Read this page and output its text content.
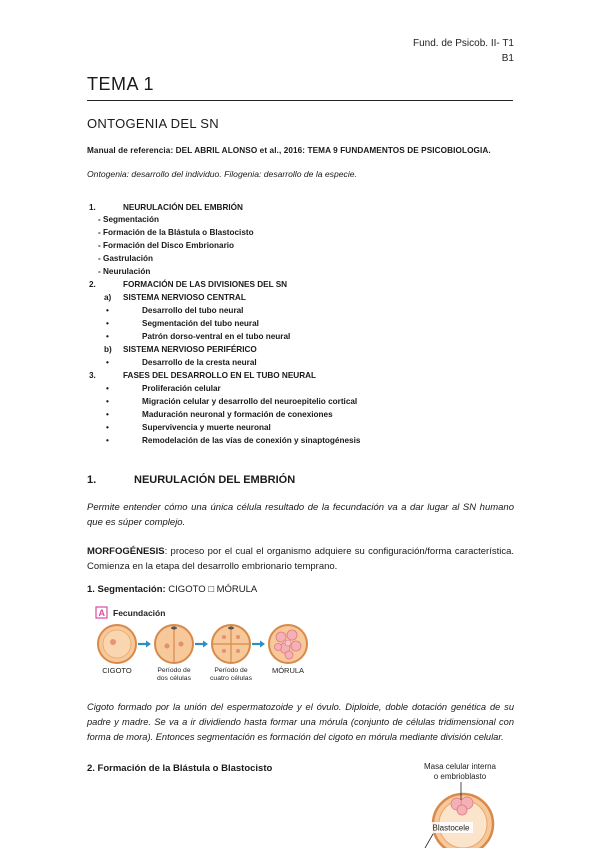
Fund. de Psicob. II- T1
B1
TEMA 1
ONTOGENIA DEL SN
Manual de referencia: DEL ABRIL ALONSO et al., 2016: TEMA 9 FUNDAMENTOS DE PSICOBIOLOGIA.
Ontogenia: desarrollo del individuo. Filogenia: desarrollo de la especie.
1.	NEURULACIÓN DEL EMBRIÓN
- Segmentación
- Formación de la Blástula o Blastocisto
- Formación del Disco Embrionario
- Gastrulación
- Neurulación
2.	FORMACIÓN DE LAS DIVISIONES DEL SN
a) SISTEMA NERVIOSO CENTRAL
•	Desarrollo del tubo neural
•	Segmentación del tubo neural
•	Patrón dorso-ventral en el tubo neural
b) SISTEMA NERVIOSO PERIFÉRICO
•	Desarrollo de la cresta neural
3.	FASES DEL DESARROLLO EN EL TUBO NEURAL
•	Proliferación celular
•	Migración celular y desarrollo del neuroepitelio cortical
•	Maduración neuronal y formación de conexiones
•	Supervivencia y muerte neuronal
•	Remodelación de las vías de conexión y sinaptogénesis
1.	NEURULACIÓN DEL EMBRIÓN
Permite entender cómo una única célula resultado de la fecundación va a dar lugar al SN humano que es súper complejo.
MORFOGÉNESIS: proceso por el cual el organismo adquiere su configuración/forma característica. Comienza en la etapa del desarrollo embrionario temprano.
1. Segmentación: CIGOTO □ MÓRULA
A Fecundación
CIGOTO	Período de
dos células
Período de
cuatro células
MÓRULA
Cigoto formado por la unión del espermatozoide y el óvulo. Diploide, doble dotación genética de su padre y madre. Se va a ir dividiendo hasta formar una mórula (conjunto de células tridimensional con forma de mora). Entonces segmentación es formación del cigoto en mórula mediante división celular.
2. Formación de la Blástula o Blastocisto	Masa celular interna
o embrioblasto
Blastocele
